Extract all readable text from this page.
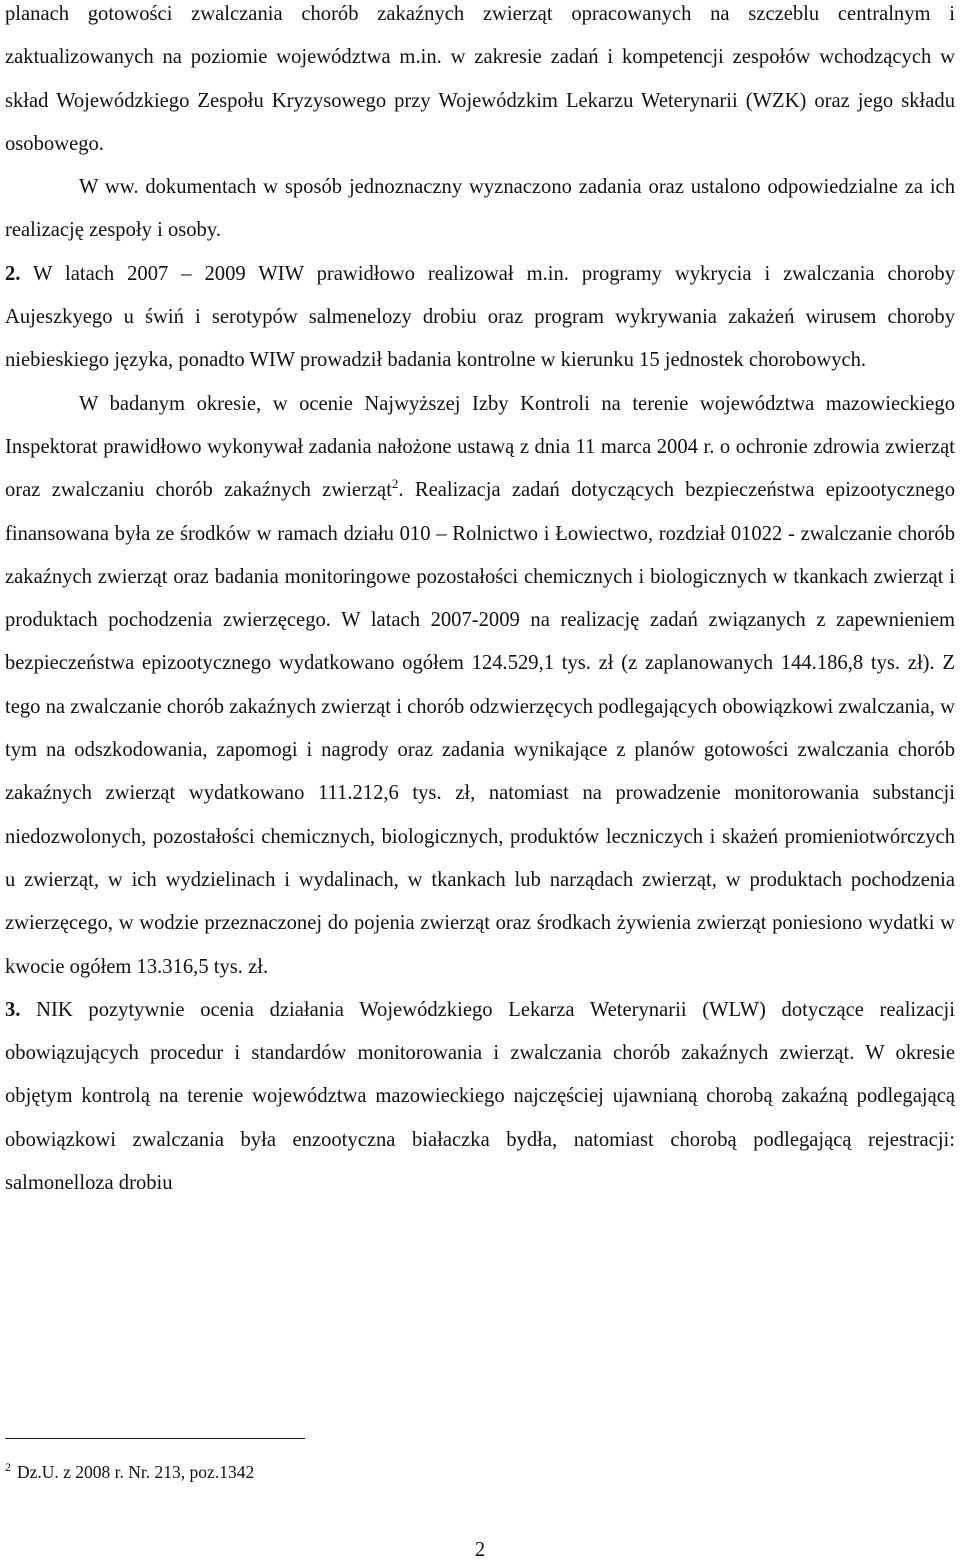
planach gotowości zwalczania chorób zakaźnych zwierząt opracowanych na szczeblu centralnym i zaktualizowanych na poziomie województwa m.in. w zakresie zadań i kompetencji zespołów wchodzących w skład Wojewódzkiego Zespołu Kryzysowego przy Wojewódzkim Lekarzu Weterynarii (WZK) oraz jego składu osobowego.

W ww. dokumentach w sposób jednoznaczny wyznaczono zadania oraz ustalono odpowiedzialne za ich realizację zespoły i osoby.

2. W latach 2007 – 2009 WIW prawidłowo realizował m.in. programy wykrycia i zwalczania choroby Aujeszkyego u świń i serotypów salmenelozy drobiu oraz program wykrywania zakażeń wirusem choroby niebieskiego języka, ponadto WIW prowadził badania kontrolne w kierunku 15 jednostek chorobowych.

W badanym okresie, w ocenie Najwyższej Izby Kontroli na terenie województwa mazowieckiego Inspektorat prawidłowo wykonywał zadania nałożone ustawą z dnia 11 marca 2004 r. o ochronie zdrowia zwierząt oraz zwalczaniu chorób zakaźnych zwierząt$^2$. Realizacja zadań dotyczących bezpieczeństwa epizootycznego finansowana była ze środków w ramach działu 010 – Rolnictwo i Łowiectwo, rozdział 01022 - zwalczanie chorób zakaźnych zwierząt oraz badania monitoringowe pozostałości chemicznych i biologicznych w tkankach zwierząt i produktach pochodzenia zwierzęcego. W latach 2007-2009 na realizację zadań związanych z zapewnieniem bezpieczeństwa epizootycznego wydatkowano ogółem 124.529,1 tys. zł (z zaplanowanych 144.186,8 tys. zł). Z tego na zwalczanie chorób zakaźnych zwierząt i chorób odzwierzęcych podlegających obowiązkowi zwalczania, w tym na odszkodowania, zapomogi i nagrody oraz zadania wynikające z planów gotowości zwalczania chorób zakaźnych zwierząt wydatkowano 111.212,6 tys. zł, natomiast na prowadzenie monitorowania substancji niedozwolonych, pozostałości chemicznych, biologicznych, produktów leczniczych i skażeń promieniotwórczych u zwierząt, w ich wydzielinach i wydalinach, w tkankach lub narządach zwierząt, w produktach pochodzenia zwierzęcego, w wodzie przeznaczonej do pojenia zwierząt oraz środkach żywienia zwierząt poniesiono wydatki w kwocie ogółem 13.316,5 tys. zł.

3. NIK pozytywnie ocenia działania Wojewódzkiego Lekarza Weterynarii (WLW) dotyczące realizacji obowiązujących procedur i standardów monitorowania i zwalczania chorób zakaźnych zwierząt. W okresie objętym kontrolą na terenie województwa mazowieckiego najczęściej ujawnianą chorobą zakaźną podlegającą obowiązkowi zwalczania była enzootyczna białaczka bydła, natomiast chorobą podlegającą rejestracji: salmonelloza drobiu

$^2$ Dz.U. z 2008 r. Nr. 213, poz.1342
2
